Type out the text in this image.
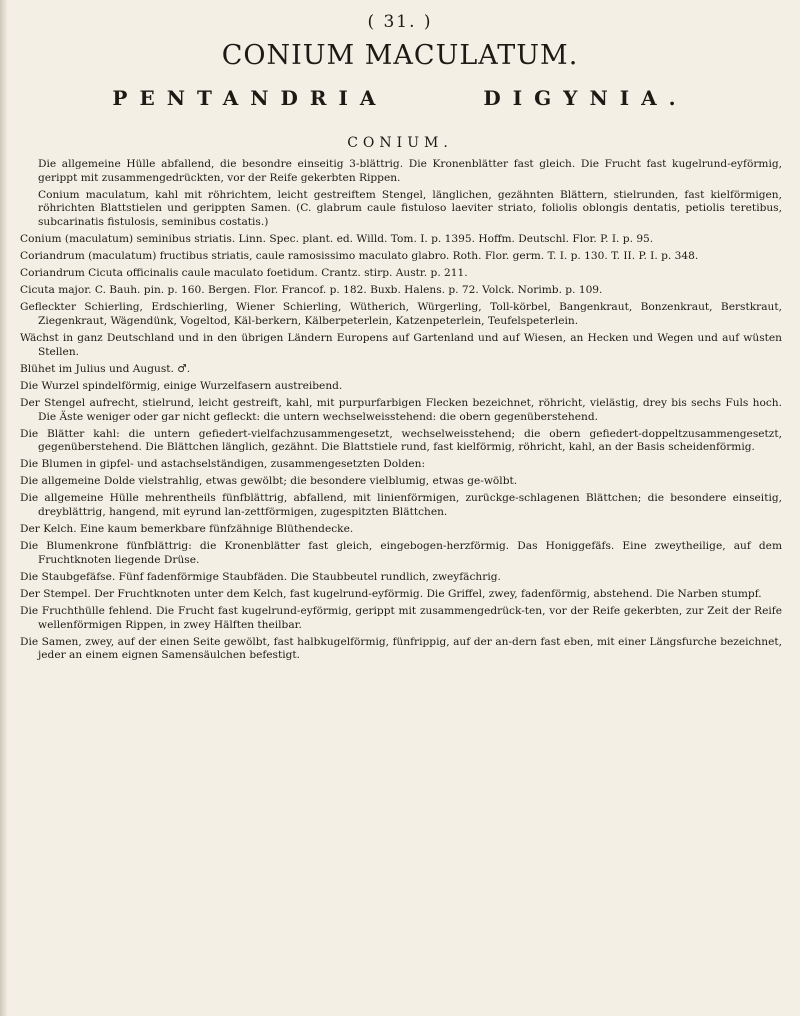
( 31. )
CONIUM MACULATUM.
PENTANDRIA	DIGYNIA.
CONIUM.

Die allgemeine Hülle abfallend, die besondre einseitig 3-blättrig. Die Kronenblätter fast gleich. Die Frucht fast kugelrund-eyförmig, gerippt mit zusammengedrückten, vor der Reife gekerbten Rippen.

Conium maculatum, kahl mit röhrichtem, leicht gestreiftem Stengel, länglichen, gezähnten Blättern, stielrunden, fast kielförmigen, röhrichten Blattstielen und gerippten Samen. (C. glabrum caule fistuloso laeviter striato, foliolis oblongis dentatis, petiolis teretibus, subcarinatis fistulosis, seminibus costatis.)

Conium (maculatum) seminibus striatis. Linn. Spec. plant. ed. Willd. Tom. I. p. 1395. Hoffm. Deutschl. Flor. P. I. p. 95.

Coriandrum (maculatum) fructibus striatis, caule ramosissimo maculato glabro. Roth. Flor. germ. T. I. p. 130. T. II. P. I. p. 348.

Coriandrum Cicuta officinalis caule maculato foetidum. Crantz. stirp. Austr. p. 211.

Cicuta major. C. Bauh. pin. p. 160. Bergen. Flor. Francof. p. 182. Buxb. Halens. p. 72. Volck. Norimb. p. 109.

Gefleckter Schierling, Erdschierling, Wiener Schierling, Wütherich, Würgerling, Toll-körbel, Bangenkraut, Bonzenkraut, Berstkraut, Ziegenkraut, Wägendünk, Vogeltod, Käl-berkern, Kälberpeterlein, Katzenpeterlein, Teufelspeterlein.

Wächst in ganz Deutschland und in den übrigen Ländern Europens auf Gartenland und auf Wiesen, an Hecken und Wegen und auf wüsten Stellen.

Blühet im Julius und August. ♂.

Die Wurzel spindelförmig, einige Wurzelfasern austreibend.

Der Stengel aufrecht, stielrund, leicht gestreift, kahl, mit purpurfarbigen Flecken bezeichnet, röhricht, vielästig, drey bis sechs Fuls hoch. Die Äste weniger oder gar nicht gefleckt: die untern wechselweisstehend: die obern gegenüberstehend.

Die Blätter kahl: die untern gefiedert-vielfachzusammengesetzt, wechselweisstehend; die obern gefiedert-doppeltzusammengesetzt, gegenüberstehend. Die Blättchen länglich, gezähnt. Die Blattstiele rund, fast kielförmig, röhricht, kahl, an der Basis scheidenförmig.

Die Blumen in gipfel- und astachselständigen, zusammengesetzten Dolden:

Die allgemeine Dolde vielstrahlig, etwas gewölbt; die besondere vielblumig, etwas ge-wölbt.

Die allgemeine Hülle mehrentheils fünfblättrig, abfallend, mit linienförmigen, zurückge-schlagenen Blättchen; die besondere einseitig, dreyblättrig, hangend, mit eyrund lan-zettförmigen, zugespitzten Blättchen.

Der Kelch. Eine kaum bemerkbare fünfzähnige Blüthendecke.

Die Blumenkrone fünfblättrig: die Kronenblätter fast gleich, eingebogen-herzförmig. Das Honiggefäfs. Eine zweytheilige, auf dem Fruchtknoten liegende Drüse.

Die Staubgefäfse. Fünf fadenförmige Staubfäden. Die Staubbeutel rundlich, zweyfächrig.

Der Stempel. Der Fruchtknoten unter dem Kelch, fast kugelrund-eyförmig. Die Griffel, zwey, fadenförmig, abstehend. Die Narben stumpf.

Die Fruchthülle fehlend. Die Frucht fast kugelrund-eyförmig, gerippt mit zusammengedrück-ten, vor der Reife gekerbten, zur Zeit der Reife wellenförmigen Rippen, in zwey Hälften theilbar.

Die Samen, zwey, auf der einen Seite gewölbt, fast halbkugelförmig, fünfrippig, auf der an-dern fast eben, mit einer Längsfurche bezeichnet, jeder an einem eignen Samensäulchen befestigt.
